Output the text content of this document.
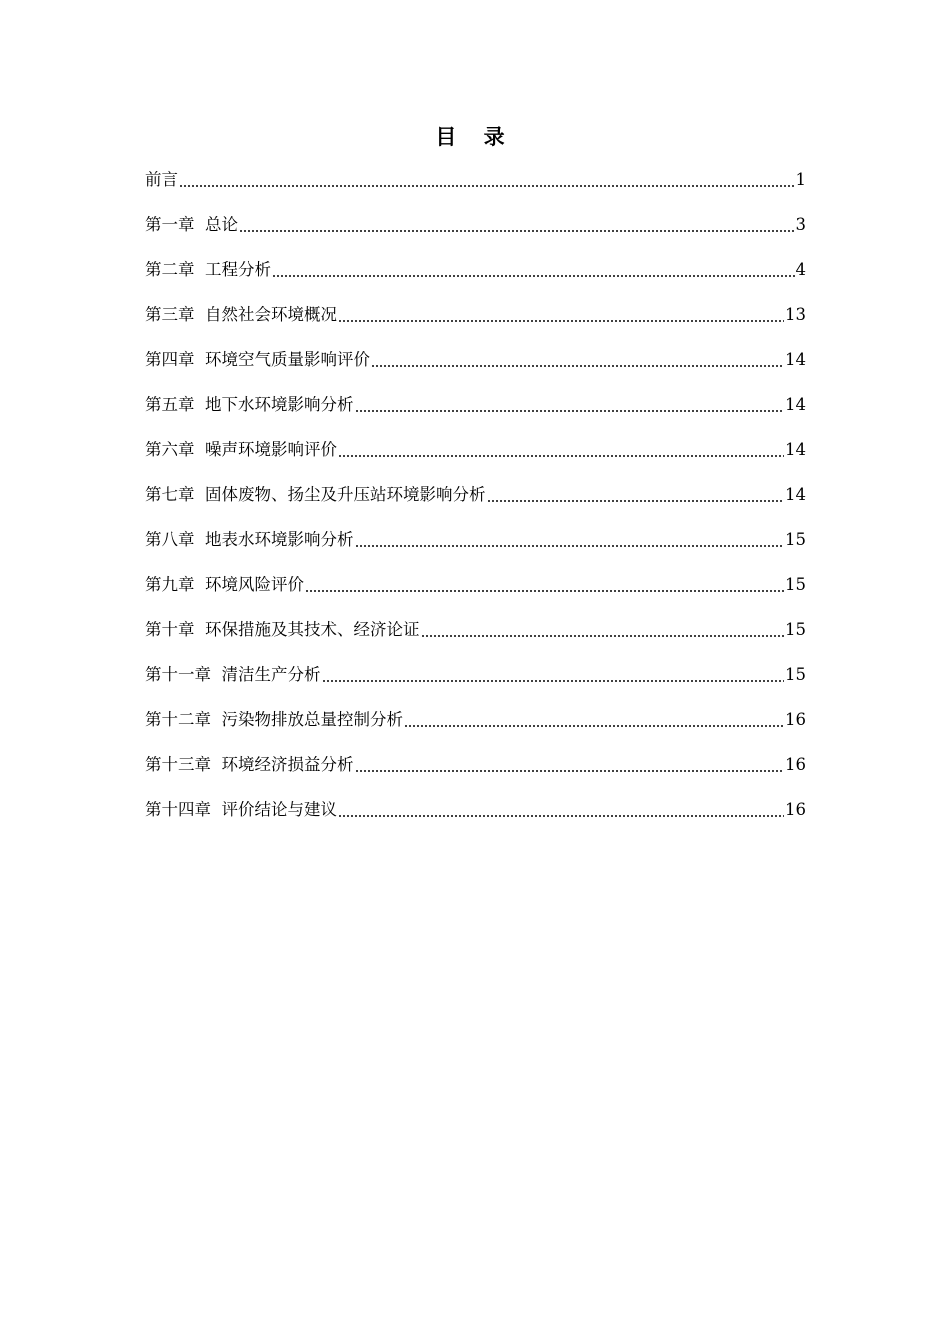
目 录
前言	1
第一章  总论	3
第二章  工程分析	4
第三章  自然社会环境概况	13
第四章  环境空气质量影响评价	14
第五章  地下水环境影响分析	14
第六章  噪声环境影响评价	14
第七章  固体废物、扬尘及升压站环境影响分析	14
第八章  地表水环境影响分析	15
第九章  环境风险评价	15
第十章  环保措施及其技术、经济论证	15
第十一章  清洁生产分析	15
第十二章  污染物排放总量控制分析	16
第十三章  环境经济损益分析	16
第十四章  评价结论与建议	16
